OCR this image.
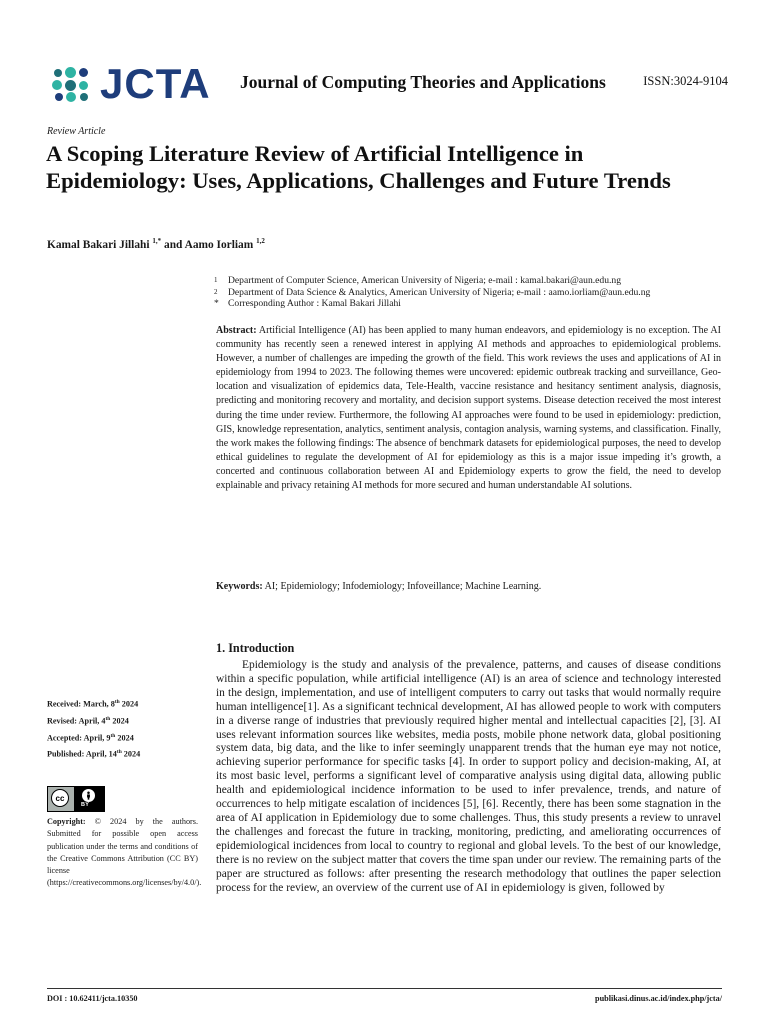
JCTA Journal of Computing Theories and Applications	ISSN:3024-9104
Review Article
A Scoping Literature Review of Artificial Intelligence in Epidemiology: Uses, Applications, Challenges and Future Trends
Kamal Bakari Jillahi $^{1,*}$ and Aamo Iorliam $^{1,2}$
1	Department of Computer Science, American University of Nigeria; e-mail : kamal.bakari@aun.edu.ng
2	Department of Data Science & Analytics, American University of Nigeria; e-mail : aamo.iorliam@aun.edu.ng
* Corresponding Author : Kamal Bakari Jillahi

Abstract: Artificial Intelligence (AI) has been applied to many human endeavors, and epidemiology is no exception. The AI community has recently seen a renewed interest in applying AI methods and approaches to epidemiological problems. However, a number of challenges are impeding the growth of the field. This work reviews the uses and applications of AI in epidemiology from 1994 to 2023. The following themes were uncovered: epidemic outbreak tracking and surveillance, Geo-location and visualization of epidemics data, Tele-Health, vaccine resistance and hesitancy sentiment analysis, diagnosis, predicting and monitoring recovery and mortality, and decision support systems. Disease detection received the most interest during the time under review. Furthermore, the following AI approaches were found to be used in epidemiology: prediction, GIS, knowledge representation, analytics, sentiment analysis, contagion analysis, warning systems, and classification. Finally, the work makes the following findings: The absence of benchmark datasets for epidemiological purposes, the need to develop ethical guidelines to regulate the development of AI for epidemiology as this is a major issue impeding it’s growth, a concerted and continuous collaboration between AI and Epidemiology experts to grow the field, the need to develop explainable and privacy retaining AI methods for more secured and human understandable AI solutions.

Keywords: AI; Epidemiology; Infodemiology; Infoveillance; Machine Learning.

1. Introduction

Epidemiology is the study and analysis of the prevalence, patterns, and causes of disease conditions within a specific population, while artificial intelligence (AI) is an area of science and technology interested in the design, implementation, and use of intelligent computers to carry out tasks that would normally require human intelligence[1]. As a significant technical development, AI has allowed people to work with computers in a diverse range of industries that previously required higher mental and intellectual capacities [2], [3]. AI uses relevant information sources like websites, media posts, mobile phone network data, global positioning system data, big data, and the like to infer seemingly unapparent trends that the human eye may not notice, achieving superior performance for specific tasks [4]. In order to support policy and decision-making, AI, at its most basic level, performs a significant level of comparative analysis using digital data, allowing public health and epidemiological incidence information to be used to infer prevalence, trends, and nature of occurrences to help mitigate escalation of incidences [5], [6]. Recently, there has been some stagnation in the area of AI application in Epidemiology due to some challenges. Thus, this study presents a review to unravel the challenges and forecast the future in tracking, monitoring, predicting, and ameliorating occurrences of epidemiological incidences from local to country to regional and global levels. To the best of our knowledge, there is no review on the subject matter that covers the time span under our review. The remaining parts of the paper are structured as follows: after presenting the research methodology that outlines the paper selection process for the review, an overview of the current use of AI in epidemiology is given, followed by

Received: March, 8th 2024
Revised: April, 4th 2024
Accepted: April, 9th 2024
Published: April, 14th 2024
cc
BY

Copyright: © 2024 by the authors. Submitted for possible open access publication under the terms and conditions of the Creative Commons Attribution (CC BY) license (https://creativecommons.org/licenses/by/4.0/).

DOI : 10.62411/jcta.10350	publikasi.dinus.ac.id/index.php/jcta/
